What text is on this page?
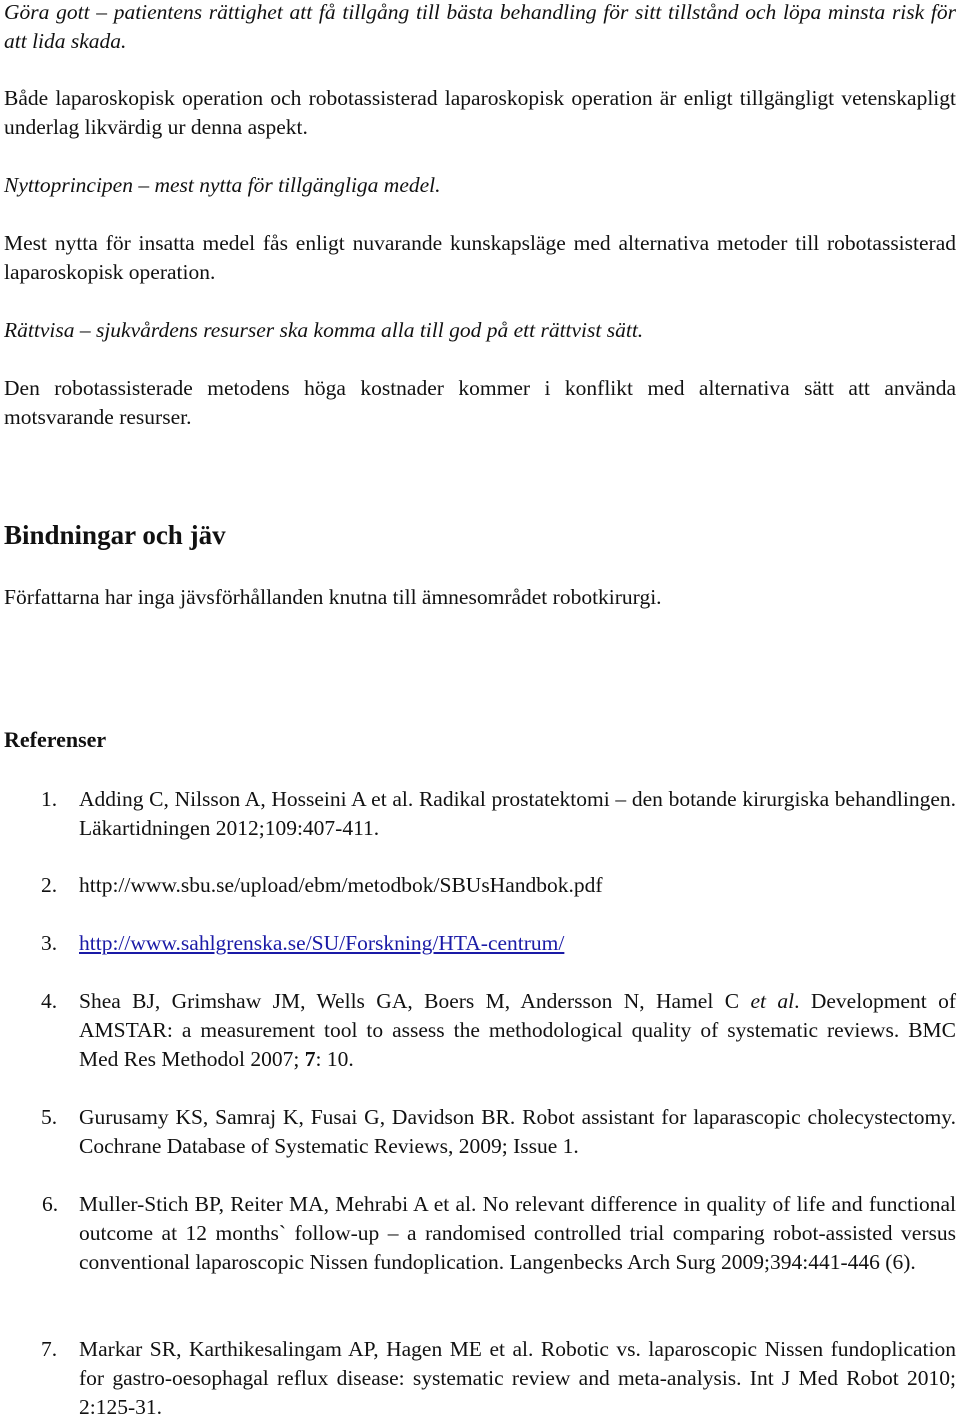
Göra gott – patientens rättighet att få tillgång till bästa behandling för sitt tillstånd och löpa minsta risk för att lida skada.

Både laparoskopisk operation och robotassisterad laparoskopisk operation är enligt tillgängligt vetenskapligt underlag likvärdig ur denna aspekt.

Nyttoprincipen – mest nytta för tillgängliga medel.

Mest nytta för insatta medel fås enligt nuvarande kunskapsläge med alternativa metoder till robotassisterad laparoskopisk operation.

Rättvisa – sjukvårdens resurser ska komma alla till god på ett rättvist sätt.

Den robotassisterade metodens höga kostnader kommer i konflikt med alternativa sätt att använda motsvarande resurser.

Bindningar och jäv

Författarna har inga jävsförhållanden knutna till ämnesområdet robotkirurgi.

Referenser
1. Adding C, Nilsson A, Hosseini A et al. Radikal prostatektomi – den botande kirurgiska behandlingen. Läkartidningen 2012;109:407-411.
2. http://www.sbu.se/upload/ebm/metodbok/SBUsHandbok.pdf
3. http://www.sahlgrenska.se/SU/Forskning/HTA-centrum/
4. Shea BJ, Grimshaw JM, Wells GA, Boers M, Andersson N, Hamel C et al. Development of AMSTAR: a measurement tool to assess the methodological quality of systematic reviews. BMC Med Res Methodol 2007; 7: 10.
5. Gurusamy KS, Samraj K, Fusai G, Davidson BR. Robot assistant for laparascopic cholecystectomy. Cochrane Database of Systematic Reviews, 2009; Issue 1.
6. Muller-Stich BP, Reiter MA, Mehrabi A et al. No relevant difference in quality of life and functional outcome at 12 months` follow-up – a randomised controlled trial comparing robot-assisted versus conventional laparoscopic Nissen fundoplication. Langenbecks Arch Surg 2009;394:441-446 (6).
7. Markar SR, Karthikesalingam AP, Hagen ME et al. Robotic vs. laparoscopic Nissen fundoplication for gastro-oesophagal reflux disease: systematic review and meta-analysis. Int J Med Robot 2010; 2:125-31.
